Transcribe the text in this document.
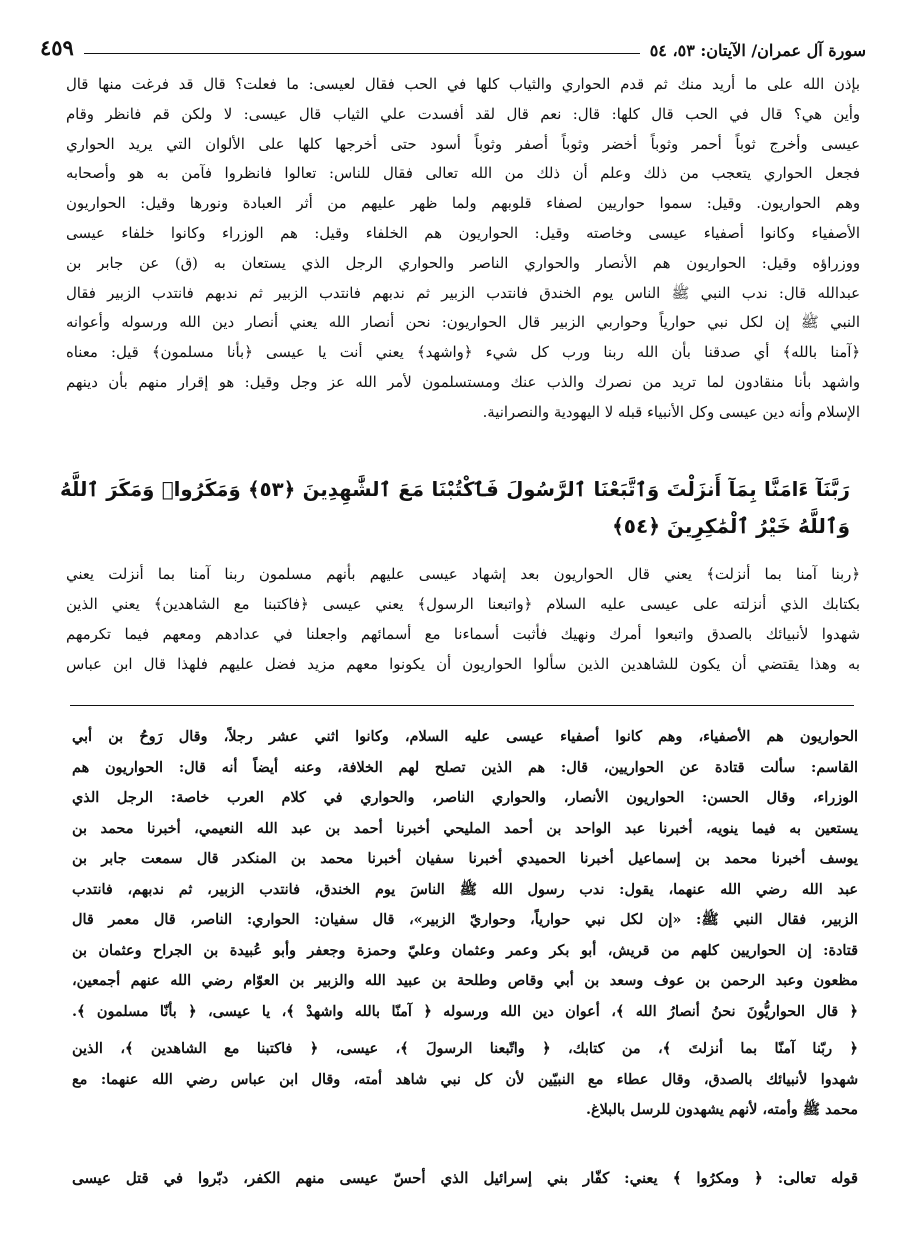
سورة آل عمران/ الآيتان: ٥٣، ٥٤
٤٥٩
بإذن الله على ما أريد منك ثم قدم الحواري والثياب كلها في الحب فقال لعيسى: ما فعلت؟ قال قد فرغت منها قال
وأين هي؟ قال في الحب قال كلها: قال: نعم قال لقد أفسدت علي الثياب قال عيسى: لا ولكن قم فانظر وقام
عيسى وأخرج ثوباً أحمر وثوباً أخضر وثوباً أصفر وثوباً أسود حتى أخرجها كلها على الألوان التي يريد الحواري
فجعل الحواري يتعجب من ذلك وعلم أن ذلك من الله تعالى فقال للناس: تعالوا فانظروا فآمن به هو وأصحابه
وهم الحواريون. وقيل: سموا حواريين لصفاء قلوبهم ولما ظهر عليهم من أثر العبادة ونورها وقيل: الحواريون
الأصفياء وكانوا أصفياء عيسى وخاصته وقيل: الحواريون هم الخلفاء وقيل: هم الوزراء وكانوا خلفاء عيسى
ووزراؤه وقيل: الحواريون هم الأنصار والحواري الناصر والحواري الرجل الذي يستعان به (ق) عن جابر بن
عبدالله قال: ندب النبي ﷺ الناس يوم الخندق فانتدب الزبير ثم ندبهم فانتدب الزبير ثم ندبهم فانتدب الزبير فقال
النبي ﷺ إن لكل نبي حوارياً وحواربي الزبير قال الحواريون: نحن أنصار الله يعني أنصار دين الله ورسوله وأعوانه
﴿آمنا بالله﴾ أي صدقنا بأن الله ربنا ورب كل شيء ﴿واشهد﴾ يعني أنت يا عيسى ﴿بأنا مسلمون﴾ قيل: معناه
واشهد بأنا منقادون لما تريد من نصرك والذب عنك ومستسلمون لأمر الله عز وجل وقيل: هو إقرار منهم بأن دينهم
الإسلام وأنه دين عيسى وكل الأنبياء قبله لا اليهودية والنصرانية.
رَبَّنَآ ءَامَنَّا بِمَآ أَنزَلْتَ وَٱتَّبَعْنَا ٱلرَّسُولَ فَٱكْتُبْنَا مَعَ ٱلشَّٰهِدِينَ ﴿٥٣﴾ وَمَكَرُوا۟ وَمَكَرَ ٱللَّهُ
وَٱللَّهُ خَيْرُ ٱلْمَٰكِرِينَ ﴿٥٤﴾
﴿ربنا آمنا بما أنزلت﴾ يعني قال الحواريون بعد إشهاد عيسى عليهم بأنهم مسلمون ربنا آمنا بما أنزلت يعني
بكتابك الذي أنزلته على عيسى عليه السلام ﴿واتبعنا الرسول﴾ يعني عيسى ﴿فاكتبنا مع الشاهدين﴾ يعني الذين
شهدوا لأنبيائك بالصدق واتبعوا أمرك ونهيك فأثبت أسماءنا مع أسمائهم واجعلنا في عدادهم ومعهم فيما تكرمهم
به وهذا يقتضي أن يكون للشاهدين الذين سألوا الحواريون أن يكونوا معهم مزيد فضل عليهم فلهذا قال ابن عباس
الحواريون هم الأصفياء، وهم كانوا أصفياء عيسى عليه السلام، وكانوا اثني عشر رجلاً، وقال رَوحُ بن أبي
القاسم: سألت قتادة عن الحواريين، قال: هم الذين تصلح لهم الخلافة، وعنه أيضاً أنه قال: الحواريون هم
الوزراء، وقال الحسن: الحواريون الأنصار، والحواري الناصر، والحواري في كلام العرب خاصة: الرجل الذي
يستعين به فيما ينويه، أخبرنا عبد الواحد بن أحمد المليحي أخبرنا أحمد بن عبد الله النعيمي، أخبرنا محمد بن
يوسف أخبرنا محمد بن إسماعيل أخبرنا الحميدي أخبرنا سفيان أخبرنا محمد بن المنكدر قال سمعت جابر بن
عبد الله رضي الله عنهما، يقول: ندب رسول الله ﷺ الناسَ يوم الخندق، فانتدب الزبير، ثم ندبهم، فانتدب
الزبير، فقال النبي ﷺ: «إن لكل نبي حوارياً، وحواريّ الزبير»، قال سفيان: الحواري: الناصر، قال معمر قال
قتادة: إن الحواريين كلهم من قريش، أبو بكر وعمر وعثمان وعليّ وحمزة وجعفر وأبو عُبيدة بن الجراح وعثمان بن
مظعون وعبد الرحمن بن عوف وسعد بن أبي وقاص وطلحة بن عبيد الله والزبير بن العوّام رضي الله عنهم أجمعين،
﴿ قال الحواريُّونَ نحنُ أنصارُ الله ﴾، أعوان دين الله ورسوله ﴿ آمنّا بالله واشهدْ ﴾، يا عيسى، ﴿ بأنّا مسلمون ﴾.
﴿ ربّنا آمنّا بما أنزلتَ ﴾، من كتابك، ﴿ واتّبعنا الرسولَ ﴾، عيسى، ﴿ فاكتبنا مع الشاهدين ﴾، الذين
شهدوا لأنبيائك بالصدق، وقال عطاء مع النبيّين لأن كل نبي شاهد أمته، وقال ابن عباس رضي الله عنهما: مع
محمد ﷺ وأمته، لأنهم يشهدون للرسل بالبلاغ.
قوله تعالى: ﴿ ومكرُوا ﴾ يعني: كفّار بني إسرائيل الذي أحسّ عيسى منهم الكفر، دبّروا في قتل عيسى
